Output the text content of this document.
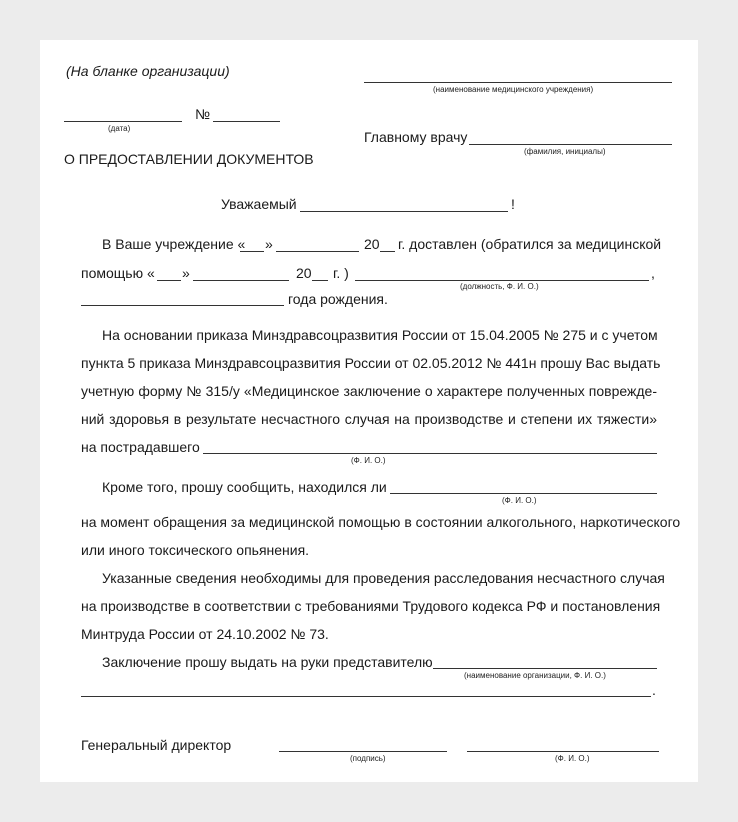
(На бланке организации)
(наименование медицинского учреждения)
(дата)
№
Главному врачу
(фамилия, инициалы)
О ПРЕДОСТАВЛЕНИИ ДОКУМЕНТОВ
Уважаемый	!
В Ваше учреждение « »	20 г. доставлен (обратился за медицинской
помощью « »	20 г. )	,
(должность, Ф. И. О.)
года рождения.
На основании приказа Минздравсоцразвития России от 15.04.2005 № 275 и с учетом
пункта 5 приказа Минздравсоцразвития России от 02.05.2012 № 441н прошу Вас выдать
учетную форму № 315/у «Медицинское заключение о характере полученных поврежде-
ний здоровья в результате несчастного случая на производстве и степени их тяжести»
на пострадавшего
(Ф. И. О.)
Кроме того, прошу сообщить, находился ли
(Ф. И. О.)
на момент обращения за медицинской помощью в состоянии алкогольного, наркотического
или иного токсического опьянения.
Указанные сведения необходимы для проведения расследования несчастного случая
на производстве в соответствии с требованиями Трудового кодекса РФ и постановления
Минтруда России от 24.10.2002 № 73.
Заключение прошу выдать на руки представителю
(наименование организации, Ф. И. О.)
.
Генеральный директор
(подпись)	(Ф. И. О.)
